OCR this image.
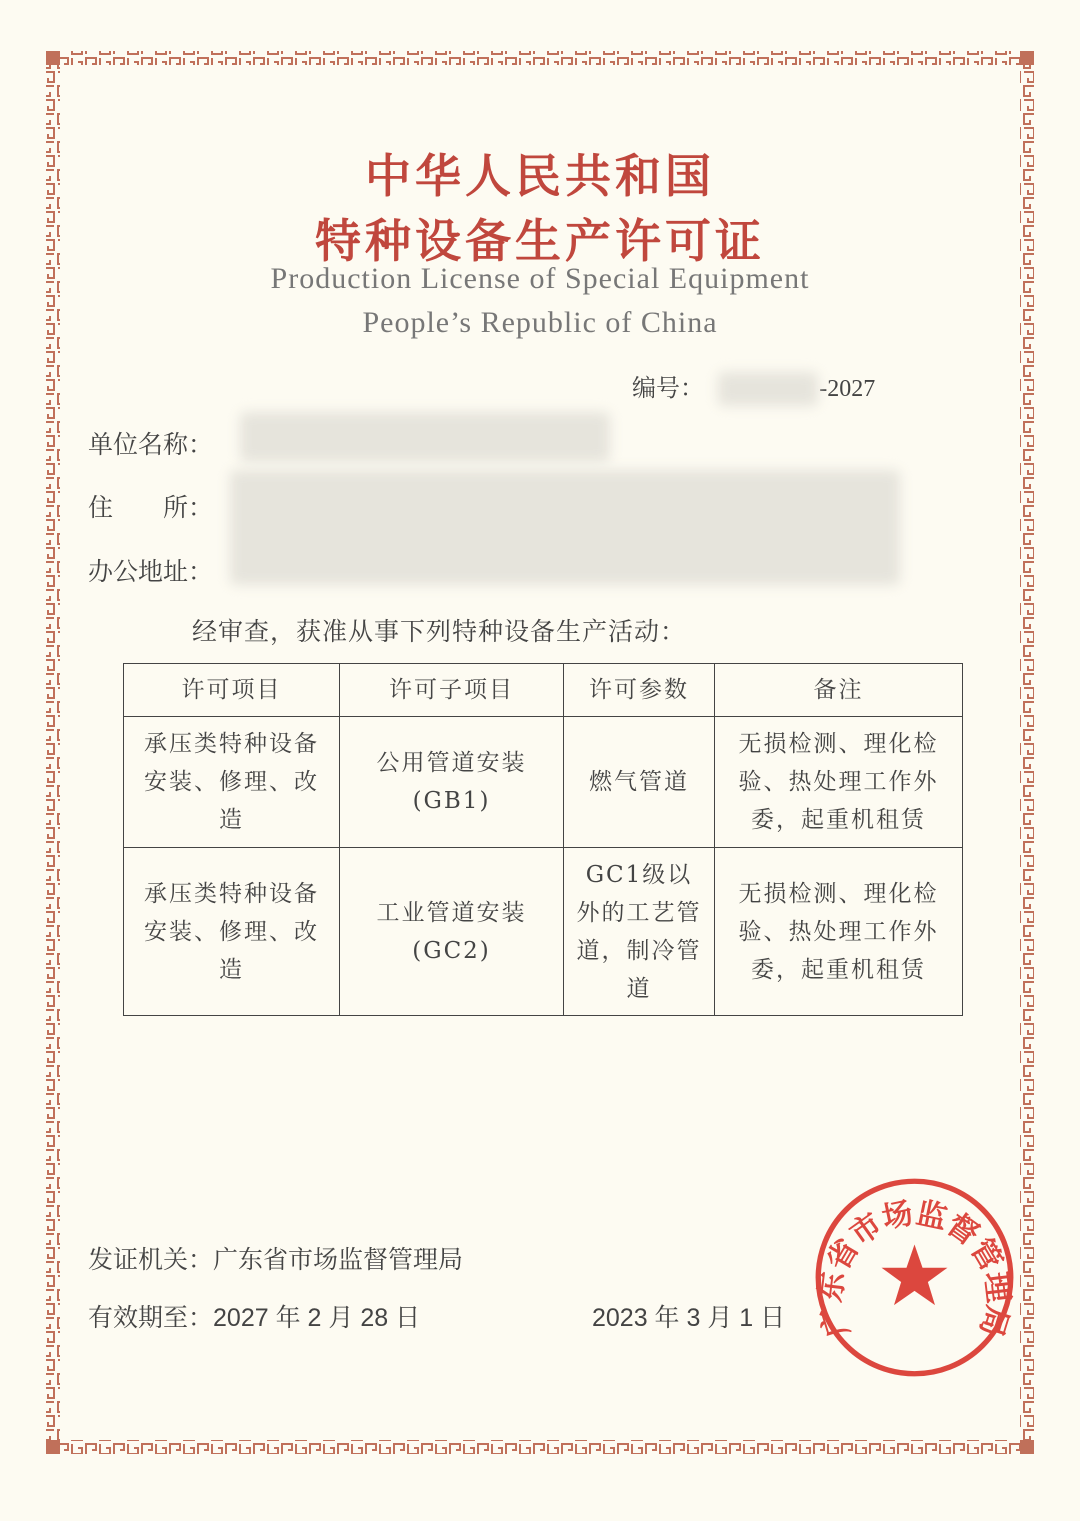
中华人民共和国
特种设备生产许可证
Production License of Special Equipment
People’s Republic of China
编号：	-2027
单位名称：
住　　所：
办公地址：
经审查，获准从事下列特种设备生产活动：
许可项目	许可子项目	许可参数	备注
承压类特种设备安装、修理、改造	公用管道安装 (GB1)	燃气管道	无损检测、理化检验、热处理工作外委，起重机租赁
承压类特种设备安装、修理、改造	工业管道安装 (GC2)	GC1级以外的工艺管道，制冷管道	无损检测、理化检验、热处理工作外委，起重机租赁
发证机关：广东省市场监督管理局
有效期至：2027 年 2 月 28 日	2023 年 3 月 1 日 广东省市场监督管理局
